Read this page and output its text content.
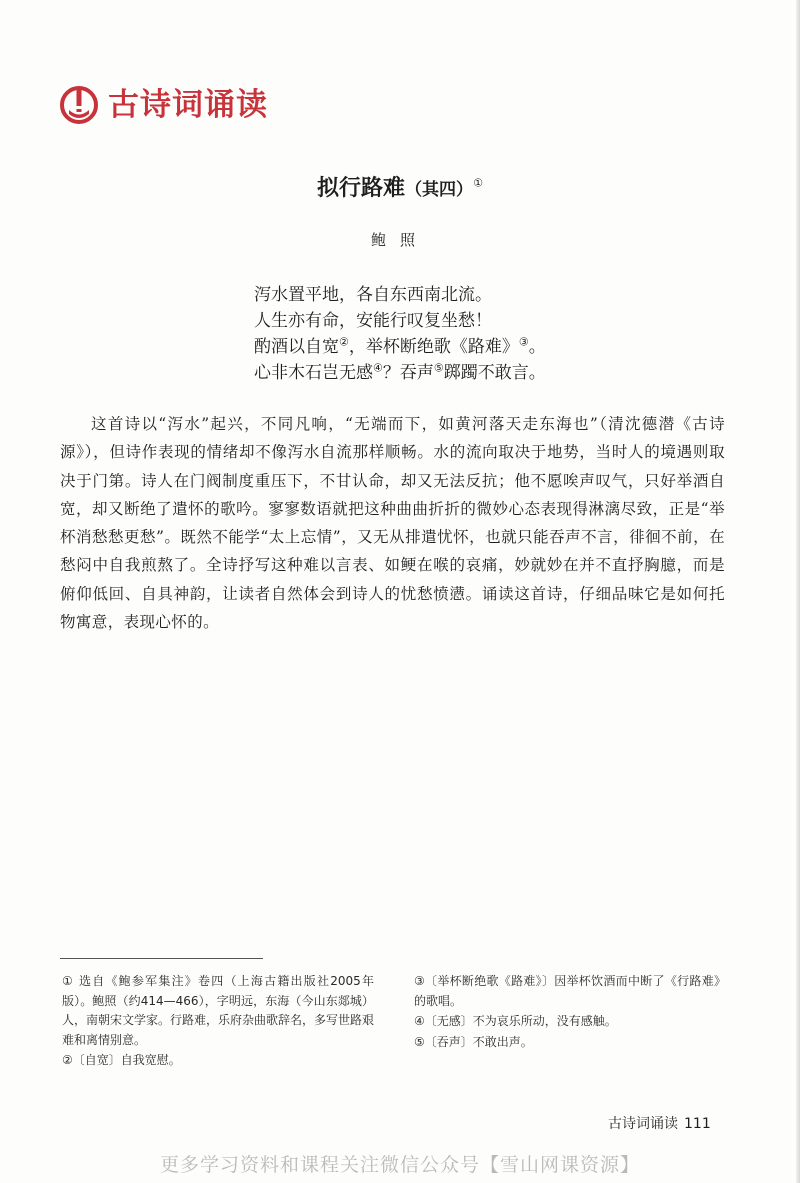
古诗词诵读
拟行路难（其四）①
鲍照
泻水置平地，各自东西南北流。
人生亦有命，安能行叹复坐愁！
酌酒以自宽②，举杯断绝歌《路难》③。
心非木石岂无感④？吞声⑤踯躅不敢言。

这首诗以“泻水”起兴，不同凡响，“无端而下，如黄河落天走东海也”（清沈德潜《古诗源》），但诗作表现的情绪却不像泻水自流那样顺畅。水的流向取决于地势，当时人的境遇则取决于门第。诗人在门阀制度重压下，不甘认命，却又无法反抗；他不愿唉声叹气，只好举酒自宽，却又断绝了遣怀的歌吟。寥寥数语就把这种曲曲折折的微妙心态表现得淋漓尽致，正是“举杯消愁愁更愁”。既然不能学“太上忘情”，又无从排遣忧怀，也就只能吞声不言，徘徊不前，在愁闷中自我煎熬了。全诗抒写这种难以言表、如鲠在喉的哀痛，妙就妙在并不直抒胸臆，而是俯仰低回、自具神韵，让读者自然体会到诗人的忧愁愤懑。诵读这首诗，仔细品味它是如何托物寓意，表现心怀的。

① 选自《鲍参军集注》卷四（上海古籍出版社2005年版）。鲍照（约414—466），字明远，东海（今山东郯城）人，南朝宋文学家。行路难，乐府杂曲歌辞名，多写世路艰难和离情别意。

②〔自宽〕自我宽慰。

③〔举杯断绝歌《路难》〕因举杯饮酒而中断了《行路难》的歌唱。

④〔无感〕不为哀乐所动，没有感触。

⑤〔吞声〕不敢出声。

古诗词诵读 111
更多学习资料和课程关注微信公众号【雪山网课资源】
